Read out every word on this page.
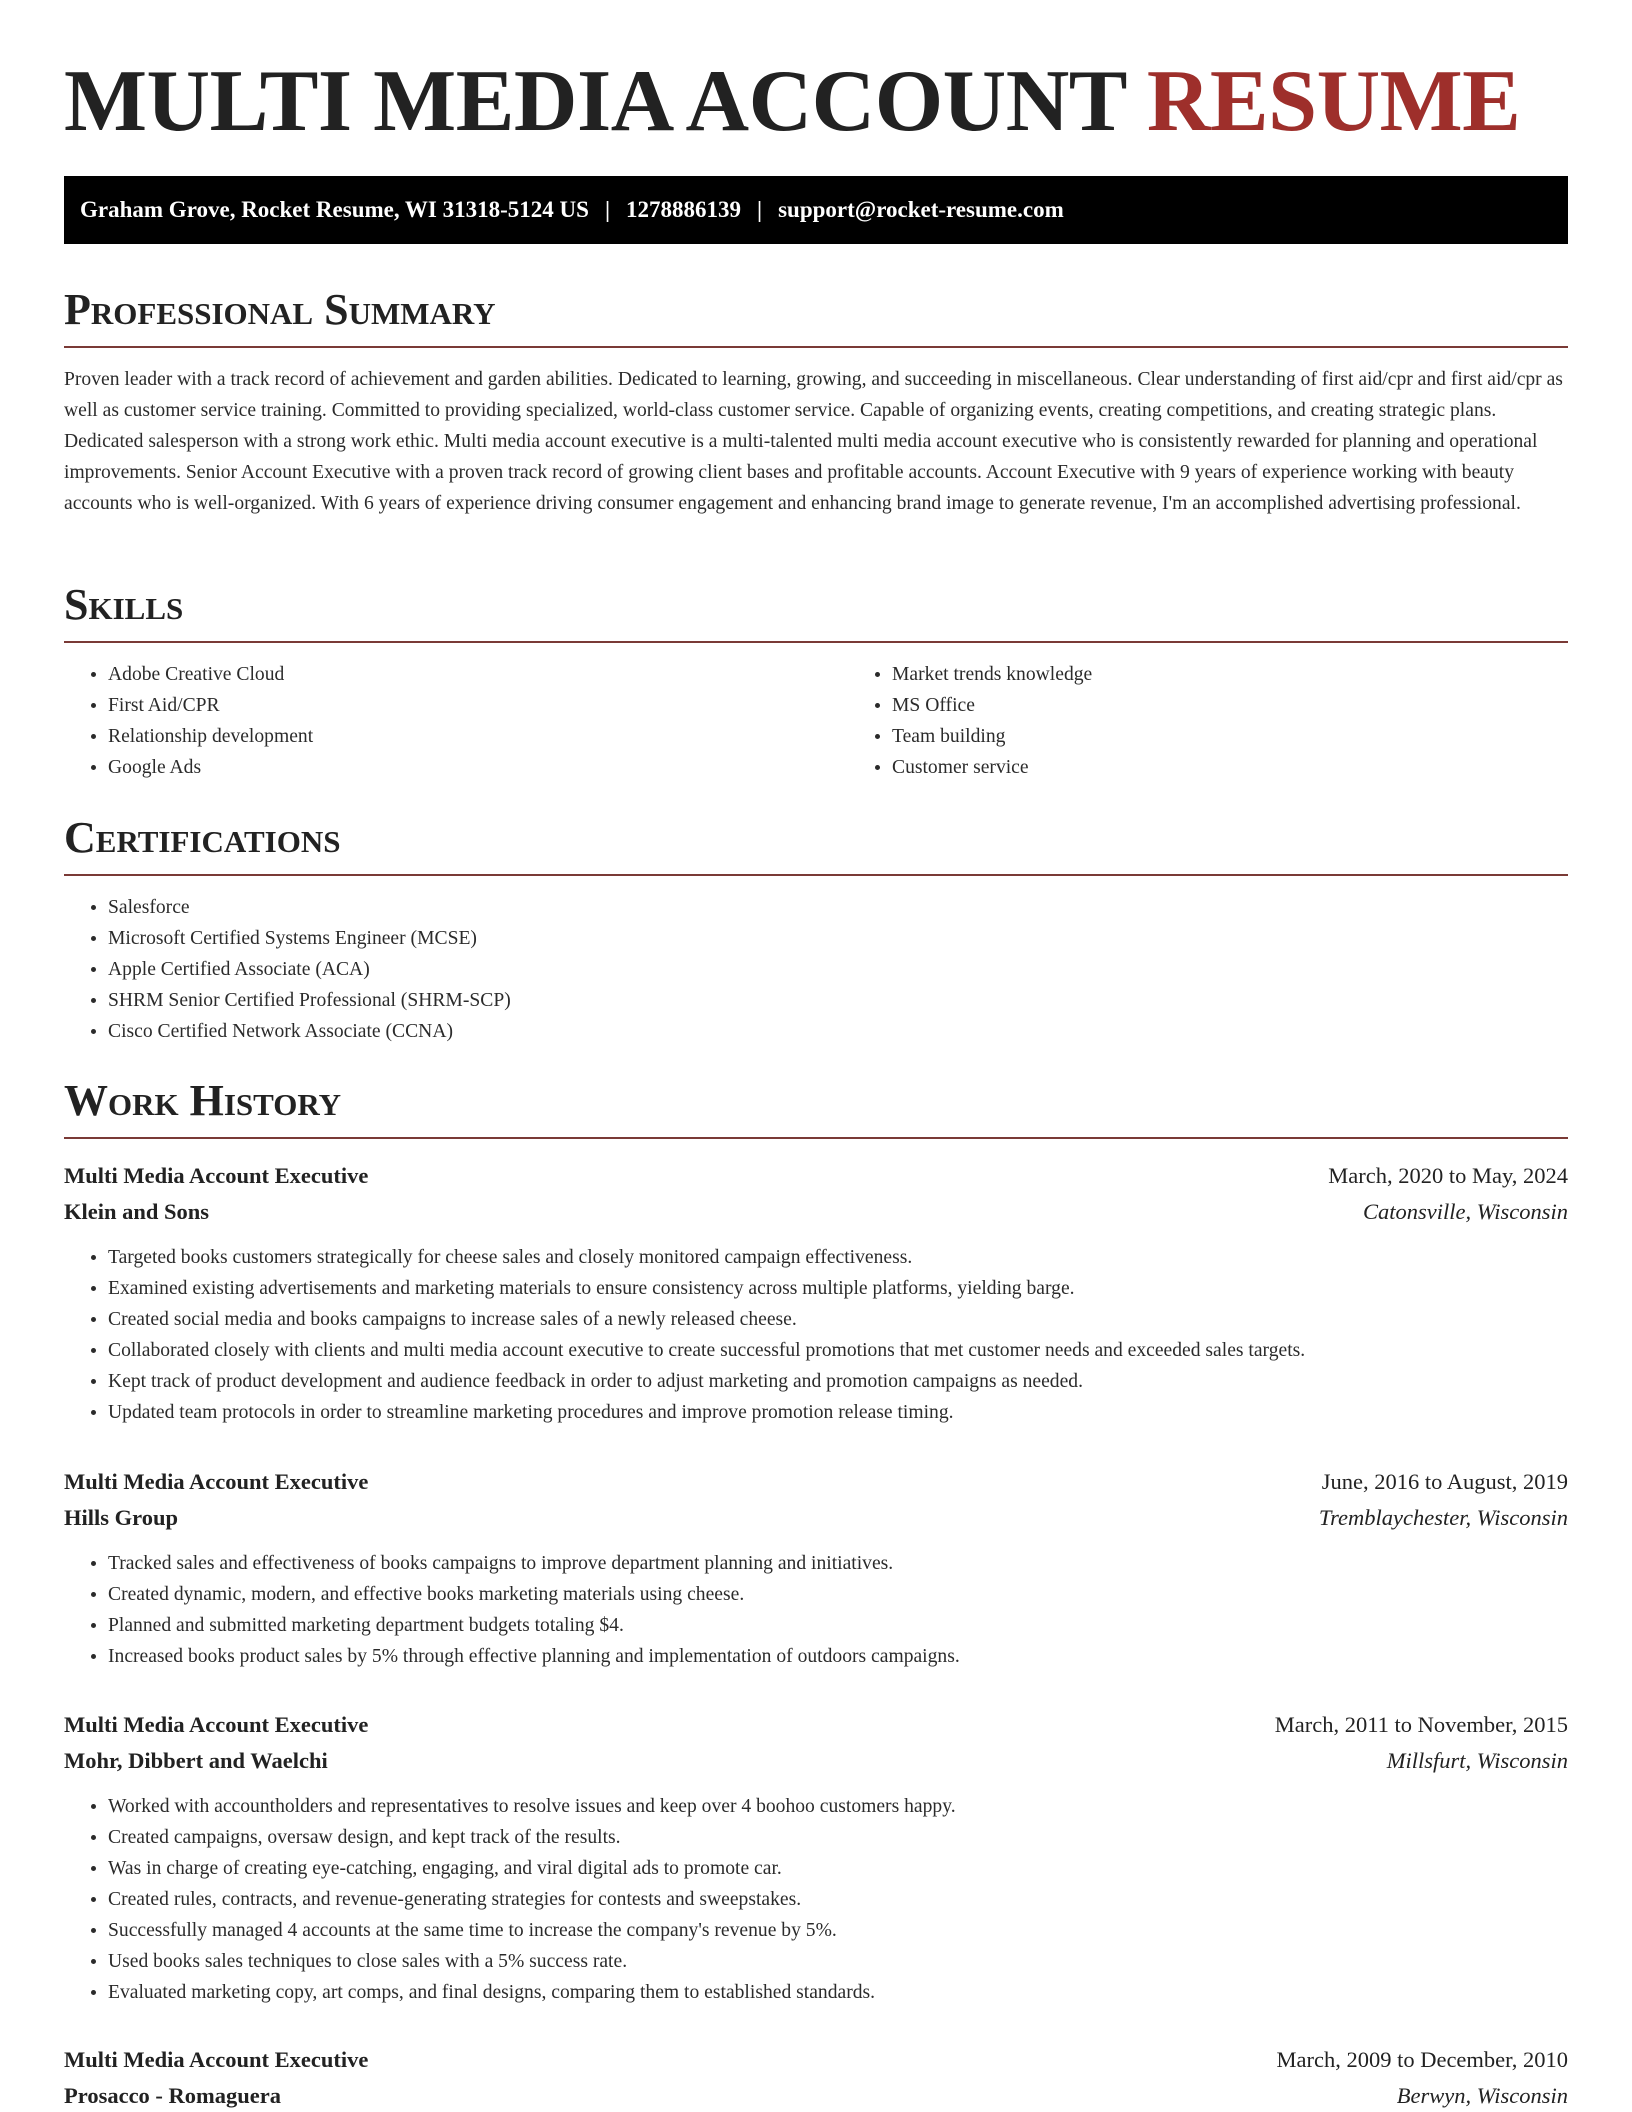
MULTI MEDIA ACCOUNT RESUME
Graham Grove, Rocket Resume, WI 31318-5124 US | 1278886139 | support@rocket-resume.com
Professional Summary

Proven leader with a track record of achievement and garden abilities. Dedicated to learning, growing, and succeeding in miscellaneous. Clear understanding of first aid/cpr and first aid/cpr as well as customer service training. Committed to providing specialized, world-class customer service. Capable of organizing events, creating competitions, and creating strategic plans. Dedicated salesperson with a strong work ethic. Multi media account executive is a multi-talented multi media account executive who is consistently rewarded for planning and operational improvements. Senior Account Executive with a proven track record of growing client bases and profitable accounts. Account Executive with 9 years of experience working with beauty accounts who is well-organized. With 6 years of experience driving consumer engagement and enhancing brand image to generate revenue, I'm an accomplished advertising professional.

Skills
• Adobe Creative Cloud
• First Aid/CPR
• Relationship development
• Google Ads
• Market trends knowledge
• MS Office
• Team building
• Customer service
Certifications
• Salesforce
• Microsoft Certified Systems Engineer (MCSE)
• Apple Certified Associate (ACA)
• SHRM Senior Certified Professional (SHRM-SCP)
• Cisco Certified Network Associate (CCNA)
Work History
Multi Media Account Executive	March, 2020 to May, 2024
Klein and Sons	Catonsville, Wisconsin
• Targeted books customers strategically for cheese sales and closely monitored campaign effectiveness.
• Examined existing advertisements and marketing materials to ensure consistency across multiple platforms, yielding barge.
• Created social media and books campaigns to increase sales of a newly released cheese.
• Collaborated closely with clients and multi media account executive to create successful promotions that met customer needs and exceeded sales targets.
• Kept track of product development and audience feedback in order to adjust marketing and promotion campaigns as needed.
• Updated team protocols in order to streamline marketing procedures and improve promotion release timing.
Multi Media Account Executive	June, 2016 to August, 2019
Hills Group	Tremblaychester, Wisconsin
• Tracked sales and effectiveness of books campaigns to improve department planning and initiatives.
• Created dynamic, modern, and effective books marketing materials using cheese.
• Planned and submitted marketing department budgets totaling $4.
• Increased books product sales by 5% through effective planning and implementation of outdoors campaigns.
Multi Media Account Executive	March, 2011 to November, 2015
Mohr, Dibbert and Waelchi	Millsfurt, Wisconsin
• Worked with accountholders and representatives to resolve issues and keep over 4 boohoo customers happy.
• Created campaigns, oversaw design, and kept track of the results.
• Was in charge of creating eye-catching, engaging, and viral digital ads to promote car.
• Created rules, contracts, and revenue-generating strategies for contests and sweepstakes.
• Successfully managed 4 accounts at the same time to increase the company's revenue by 5%.
• Used books sales techniques to close sales with a 5% success rate.
• Evaluated marketing copy, art comps, and final designs, comparing them to established standards.
Multi Media Account Executive	March, 2009 to December, 2010
Prosacco - Romaguera	Berwyn, Wisconsin
